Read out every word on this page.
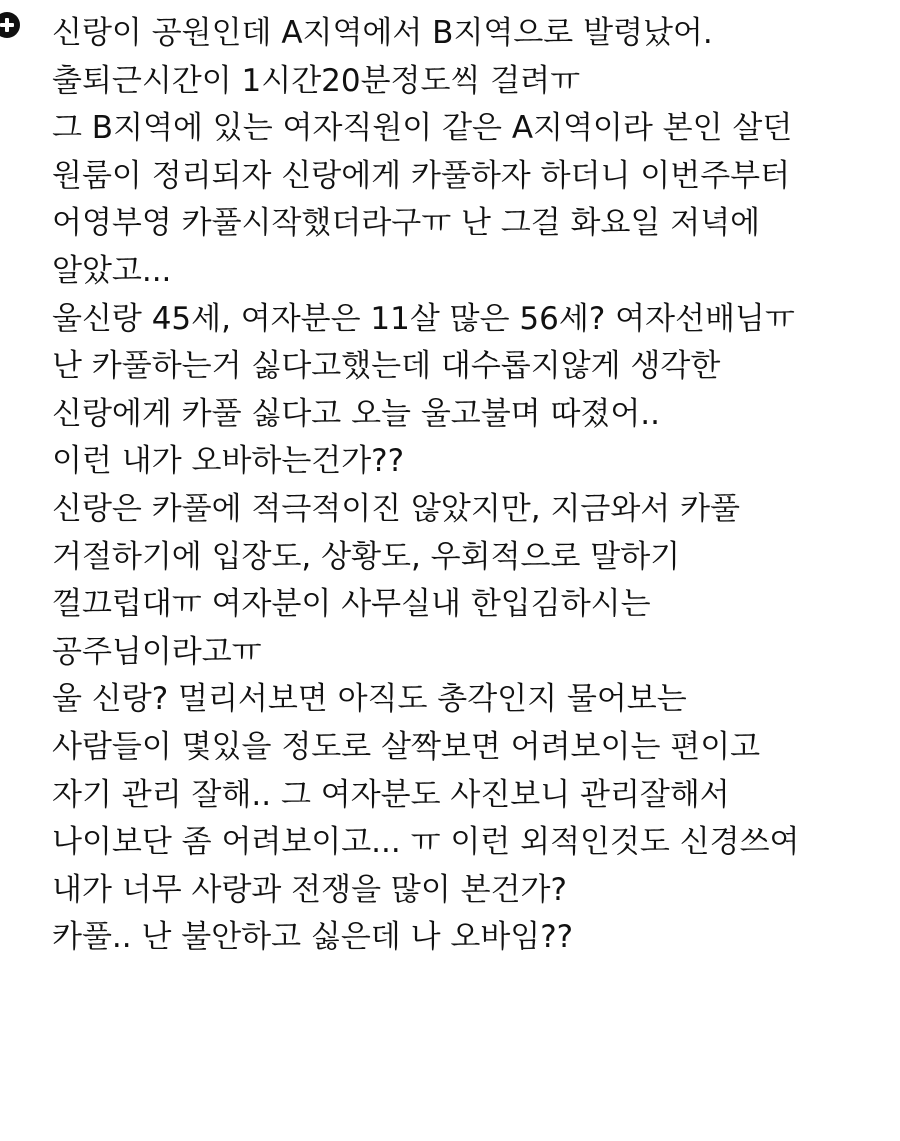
신랑이 공원인데 A지역에서 B지역으로 발령났어.
출퇴근시간이 1시간20분정도씩 걸려ㅠ
그 B지역에 있는 여자직원이 같은 A지역이라 본인 살던
원룸이 정리되자 신랑에게 카풀하자 하더니 이번주부터
어영부영 카풀시작했더라구ㅠ 난 그걸 화요일 저녁에
알았고...
울신랑 45세, 여자분은 11살 많은 56세? 여자선배님ㅠ
난 카풀하는거 싫다고했는데 대수롭지않게 생각한
신랑에게 카풀 싫다고 오늘 울고불며 따졌어..
이런 내가 오바하는건가??
신랑은 카풀에 적극적이진 않았지만, 지금와서 카풀
거절하기에 입장도, 상황도, 우회적으로 말하기
껄끄럽대ㅠ 여자분이 사무실내 한입김하시는
공주님이라고ㅠ
울 신랑? 멀리서보면 아직도 총각인지 물어보는
사람들이 몇있을 정도로 살짝보면 어려보이는 편이고
자기 관리 잘해.. 그 여자분도 사진보니 관리잘해서
나이보단 좀 어려보이고... ㅠ 이런 외적인것도 신경쓰여
내가 너무 사랑과 전쟁을 많이 본건가?
카풀.. 난 불안하고 싫은데 나 오바임??
